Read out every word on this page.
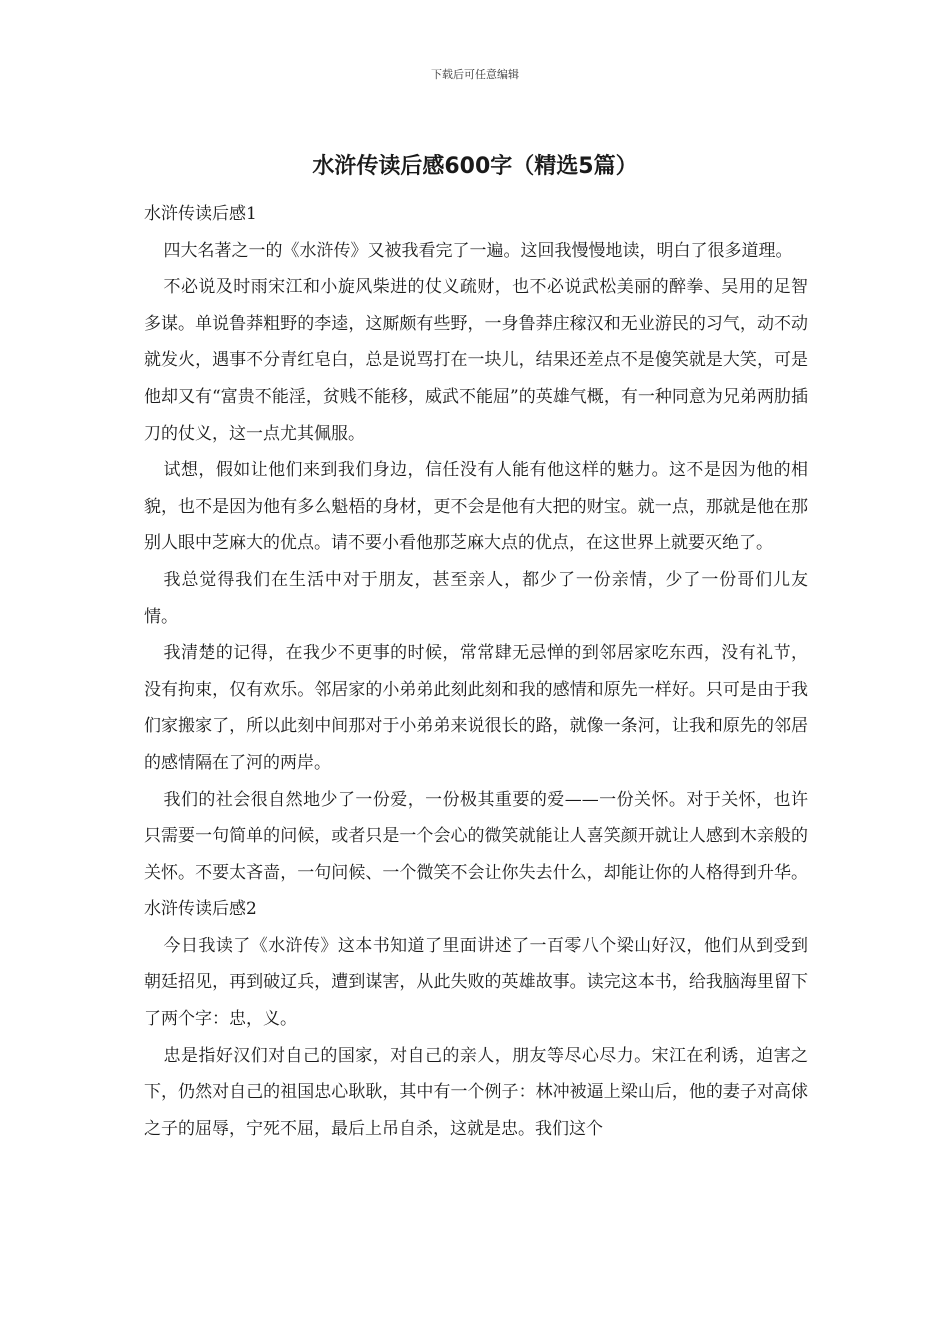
下载后可任意编辑
水浒传读后感600字（精选5篇）

水浒传读后感1

四大名著之一的《水浒传》又被我看完了一遍。这回我慢慢地读，明白了很多道理。

不必说及时雨宋江和小旋风柴进的仗义疏财，也不必说武松美丽的醉拳、吴用的足智多谋。单说鲁莽粗野的李逵，这厮颇有些野，一身鲁莽庄稼汉和无业游民的习气，动不动就发火，遇事不分青红皂白，总是说骂打在一块儿，结果还差点不是傻笑就是大笑，可是他却又有“富贵不能淫，贫贱不能移，威武不能屈”的英雄气概，有一种同意为兄弟两肋插刀的仗义，这一点尤其佩服。

试想，假如让他们来到我们身边，信任没有人能有他这样的魅力。这不是因为他的相貌，也不是因为他有多么魁梧的身材，更不会是他有大把的财宝。就一点，那就是他在那别人眼中芝麻大的优点。请不要小看他那芝麻大点的优点，在这世界上就要灭绝了。

我总觉得我们在生活中对于朋友，甚至亲人，都少了一份亲情，少了一份哥们儿友情。

我清楚的记得，在我少不更事的时候，常常肆无忌惮的到邻居家吃东西，没有礼节，没有拘束，仅有欢乐。邻居家的小弟弟此刻此刻和我的感情和原先一样好。只可是由于我们家搬家了，所以此刻中间那对于小弟弟来说很长的路，就像一条河，让我和原先的邻居的感情隔在了河的两岸。

我们的社会很自然地少了一份爱，一份极其重要的爱——一份关怀。对于关怀，也许只需要一句简单的问候，或者只是一个会心的微笑就能让人喜笑颜开就让人感到木亲般的关怀。不要太吝啬，一句问候、一个微笑不会让你失去什么，却能让你的人格得到升华。 水浒传读后感2

今日我读了《水浒传》这本书知道了里面讲述了一百零八个梁山好汉，他们从到受到朝廷招见，再到破辽兵，遭到谋害，从此失败的英雄故事。读完这本书，给我脑海里留下了两个字：忠，义。

忠是指好汉们对自己的国家，对自己的亲人，朋友等尽心尽力。宋江在利诱，迫害之下，仍然对自己的祖国忠心耿耿，其中有一个例子：林冲被逼上梁山后，他的妻子对高俅之子的屈辱，宁死不屈，最后上吊自杀，这就是忠。我们这个
